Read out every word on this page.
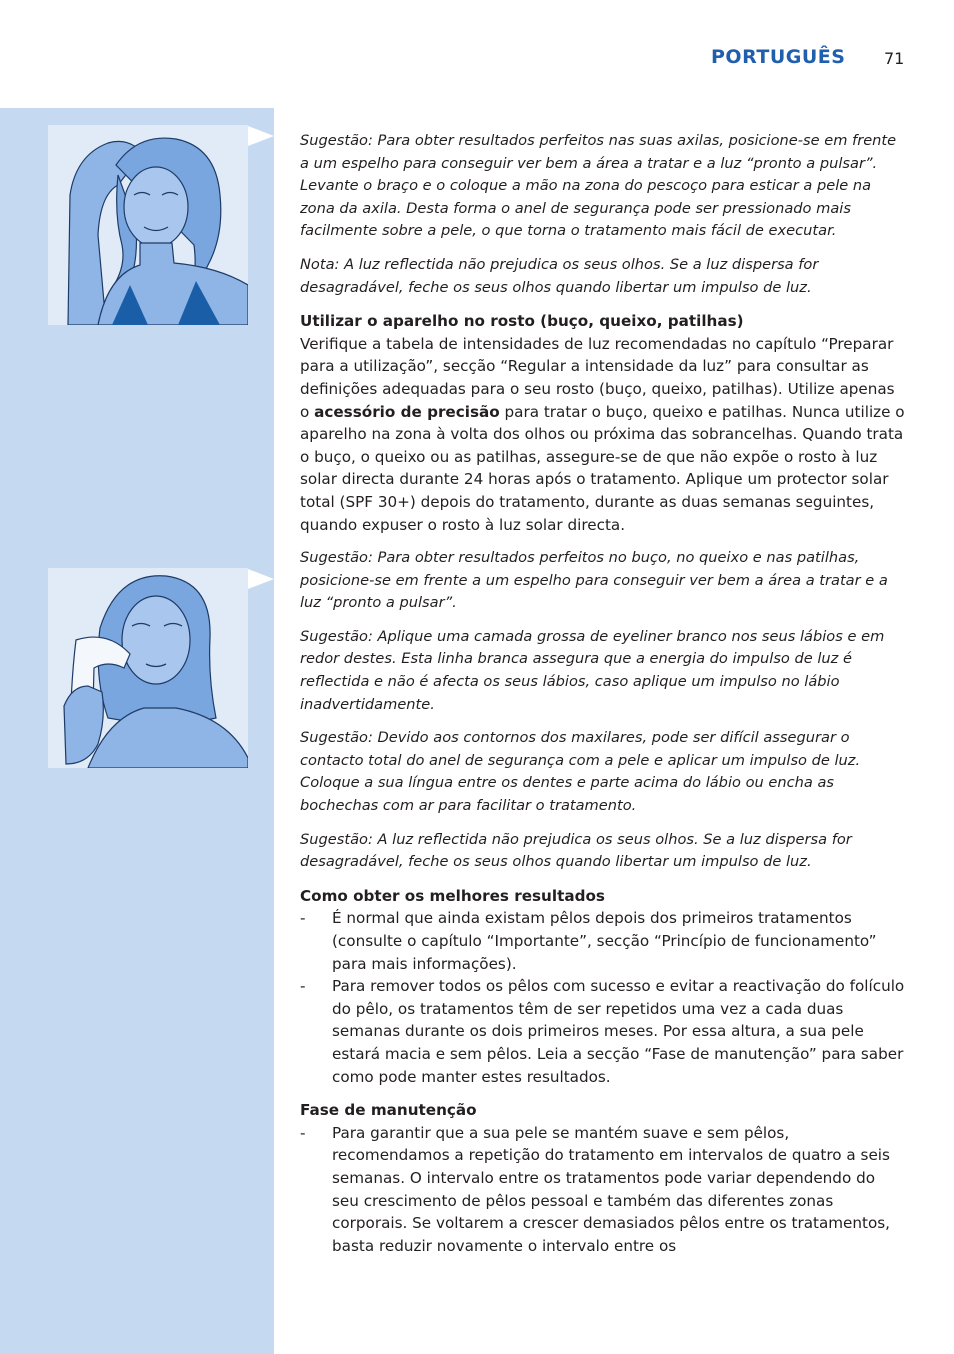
PORTUGUÊS 71

Sugestão: Para obter resultados perfeitos nas suas axilas, posicione-se em frente a um espelho para conseguir ver bem a área a tratar e a luz “pronto a pulsar”. Levante o braço e o coloque a mão na zona do pescoço para esticar a pele na zona da axila. Desta forma o anel de segurança pode ser pressionado mais facilmente sobre a pele, o que torna o tratamento mais fácil de executar.

Nota: A luz reflectida não prejudica os seus olhos. Se a luz dispersa for desagradável, feche os seus olhos quando libertar um impulso de luz.

Utilizar o aparelho no rosto (buço, queixo, patilhas)

Verifique a tabela de intensidades de luz recomendadas no capítulo “Preparar para a utilização”, secção “Regular a intensidade da luz” para consultar as definições adequadas para o seu rosto (buço, queixo, patilhas). Utilize apenas o acessório de precisão para tratar o buço, queixo e patilhas. Nunca utilize o aparelho na zona à volta dos olhos ou próxima das sobrancelhas. Quando trata o buço, o queixo ou as patilhas, assegure-se de que não expõe o rosto à luz solar directa durante 24 horas após o tratamento. Aplique um protector solar total (SPF 30+) depois do tratamento, durante as duas semanas seguintes, quando expuser o rosto à luz solar directa.

Sugestão: Para obter resultados perfeitos no buço, no queixo e nas patilhas, posicione-se em frente a um espelho para conseguir ver bem a área a tratar e a luz “pronto a pulsar”.

Sugestão: Aplique uma camada grossa de eyeliner branco nos seus lábios e em redor destes. Esta linha branca assegura que a energia do impulso de luz é reflectida e não é afecta os seus lábios, caso aplique um impulso no lábio inadvertidamente.

Sugestão: Devido aos contornos dos maxilares, pode ser difícil assegurar o contacto total do anel de segurança com a pele e aplicar um impulso de luz. Coloque a sua língua entre os dentes e parte acima do lábio ou encha as bochechas com ar para facilitar o tratamento.

Sugestão: A luz reflectida não prejudica os seus olhos. Se a luz dispersa for desagradável, feche os seus olhos quando libertar um impulso de luz.

Como obter os melhores resultados

- É normal que ainda existam pêlos depois dos primeiros tratamentos (consulte o capítulo “Importante”, secção “Princípio de funcionamento” para mais informações).
- Para remover todos os pêlos com sucesso e evitar a reactivação do folículo do pêlo, os tratamentos têm de ser repetidos uma vez a cada duas semanas durante os dois primeiros meses. Por essa altura, a sua pele estará macia e sem pêlos. Leia a secção “Fase de manutenção” para saber como pode manter estes resultados.

Fase de manutenção

- Para garantir que a sua pele se mantém suave e sem pêlos, recomendamos a repetição do tratamento em intervalos de quatro a seis semanas. O intervalo entre os tratamentos pode variar dependendo do seu crescimento de pêlos pessoal e também das diferentes zonas corporais. Se voltarem a crescer demasiados pêlos entre os tratamentos, basta reduzir novamente o intervalo entre os
